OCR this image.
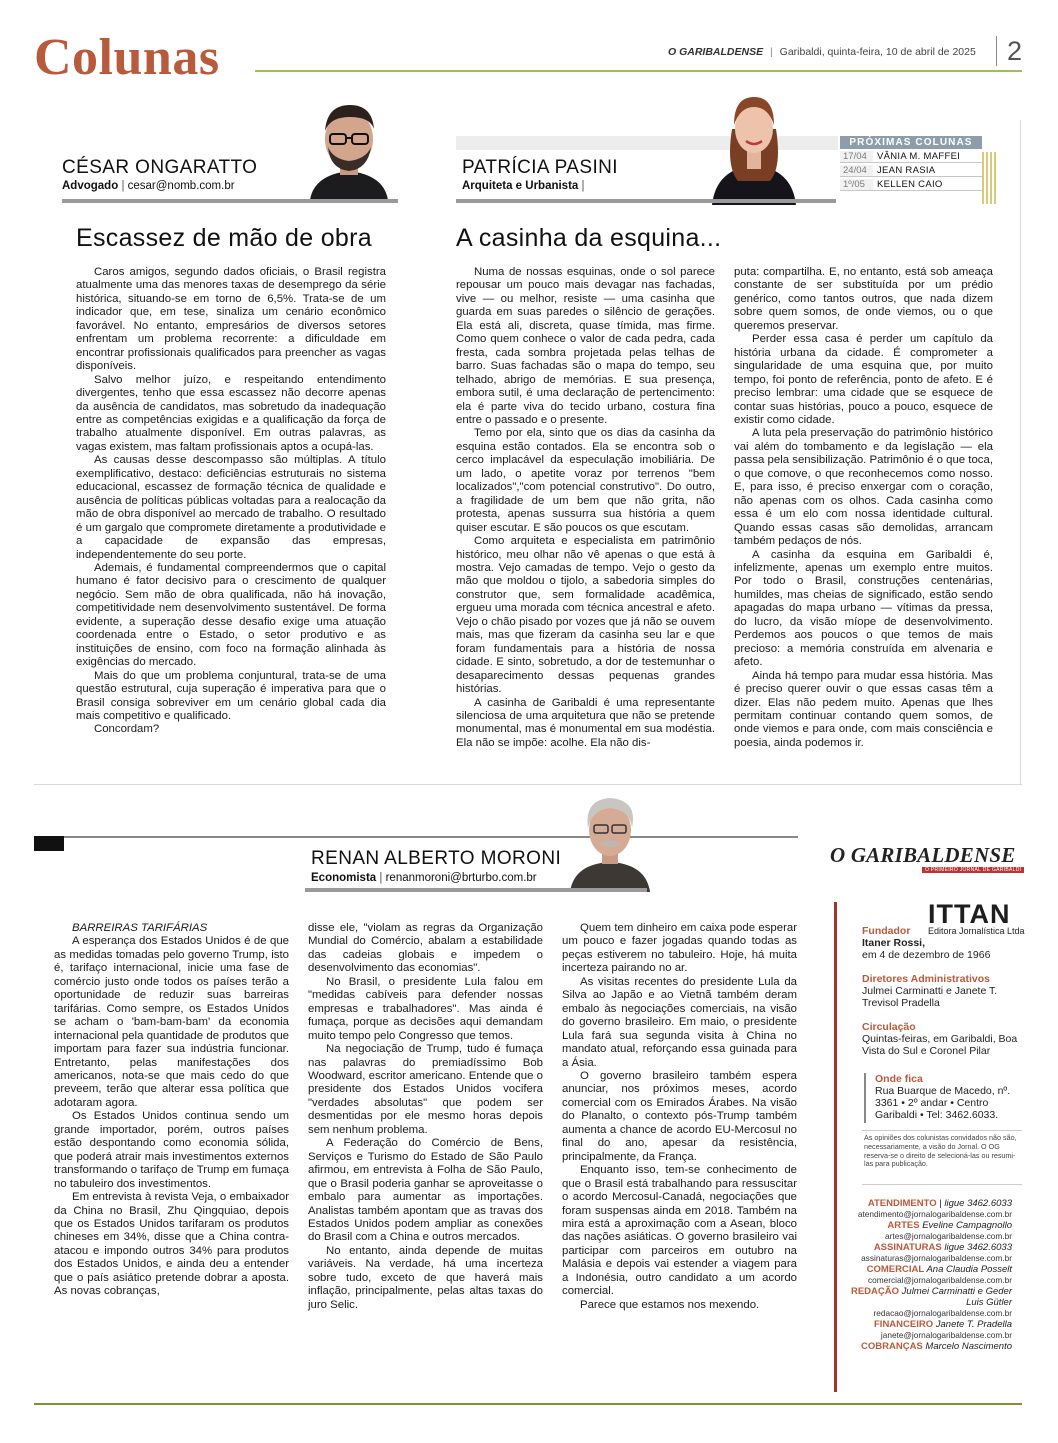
Colunas	O GARIBALDENSE | Garibaldi, quinta-feira, 10 de abril de 2025	2
CÉSAR ONGARATTO
Advogado | cesar@nomb.com.br
Escassez de mão de obra

Caros amigos, segundo dados oficiais, o Brasil registra atualmente uma das menores taxas de desemprego da série histórica, situando-se em torno de 6,5%. Trata-se de um indicador que, em tese, sinaliza um cenário econômico favorável. No entanto, empresários de diversos setores enfrentam um problema recorrente: a dificuldade em encontrar profissionais qualificados para preencher as vagas disponíveis.

Salvo melhor juízo, e respeitando entendimento divergentes, tenho que essa escassez não decorre apenas da ausência de candidatos, mas sobretudo da inadequação entre as competências exigidas e a qualificação da força de trabalho atualmente disponível. Em outras palavras, as vagas existem, mas faltam profissionais aptos a ocupá-las.

As causas desse descompasso são múltiplas. A título exemplificativo, destaco: deficiências estruturais no sistema educacional, escassez de formação técnica de qualidade e ausência de políticas públicas voltadas para a realocação da mão de obra disponível ao mercado de trabalho. O resultado é um gargalo que compromete diretamente a produtividade e a capacidade de expansão das empresas, independentemente do seu porte.

Ademais, é fundamental compreendermos que o capital humano é fator decisivo para o crescimento de qualquer negócio. Sem mão de obra qualificada, não há inovação, competitividade nem desenvolvimento sustentável. De forma evidente, a superação desse desafio exige uma atuação coordenada entre o Estado, o setor produtivo e as instituições de ensino, com foco na formação alinhada às exigências do mercado.

Mais do que um problema conjuntural, trata-se de uma questão estrutural, cuja superação é imperativa para que o Brasil consiga sobreviver em um cenário global cada dia mais competitivo e qualificado.

Concordam?

PATRÍCIA PASINI
Arquiteta e Urbanista |
PRÓXIMAS COLUNAS
17/04	VÂNIA M. MAFFEI
24/04	JEAN RASIA
1º/05	KELLEN CAIO
A casinha da esquina...

Numa de nossas esquinas, onde o sol parece repousar um pouco mais devagar nas fachadas, vive — ou melhor, resiste — uma casinha que guarda em suas paredes o silêncio de gerações. Ela está ali, discreta, quase tímida, mas firme. Como quem conhece o valor de cada pedra, cada fresta, cada sombra projetada pelas telhas de barro. Suas fachadas são o mapa do tempo, seu telhado, abrigo de memórias. E sua presença, embora sutil, é uma declaração de pertencimento: ela é parte viva do tecido urbano, costura fina entre o passado e o presente.

Temo por ela, sinto que os dias da casinha da esquina estão contados. Ela se encontra sob o cerco implacável da especulação imobiliária. De um lado, o apetite voraz por terrenos "bem localizados","com potencial construtivo". Do outro, a fragilidade de um bem que não grita, não protesta, apenas sussurra sua história a quem quiser escutar. E são poucos os que escutam.

Como arquiteta e especialista em patrimônio histórico, meu olhar não vê apenas o que está à mostra. Vejo camadas de tempo. Vejo o gesto da mão que moldou o tijolo, a sabedoria simples do construtor que, sem formalidade acadêmica, ergueu uma morada com técnica ancestral e afeto. Vejo o chão pisado por vozes que já não se ouvem mais, mas que fizeram da casinha seu lar e que foram fundamentais para a história de nossa cidade. E sinto, sobretudo, a dor de testemunhar o desaparecimento dessas pequenas grandes histórias.

A casinha de Garibaldi é uma representante silenciosa de uma arquitetura que não se pretende monumental, mas é monumental em sua modéstia. Ela não se impõe: acolhe. Ela não dis-

puta: compartilha. E, no entanto, está sob ameaça constante de ser substituída por um prédio genérico, como tantos outros, que nada dizem sobre quem somos, de onde viemos, ou o que queremos preservar.

Perder essa casa é perder um capítulo da história urbana da cidade. É comprometer a singularidade de uma esquina que, por muito tempo, foi ponto de referência, ponto de afeto. E é preciso lembrar: uma cidade que se esquece de contar suas histórias, pouco a pouco, esquece de existir como cidade.

A luta pela preservação do patrimônio histórico vai além do tombamento e da legislação — ela passa pela sensibilização. Patrimônio é o que toca, o que comove, o que reconhecemos como nosso. E, para isso, é preciso enxergar com o coração, não apenas com os olhos. Cada casinha como essa é um elo com nossa identidade cultural. Quando essas casas são demolidas, arrancam também pedaços de nós.

A casinha da esquina em Garibaldi é, infelizmente, apenas um exemplo entre muitos. Por todo o Brasil, construções centenárias, humildes, mas cheias de significado, estão sendo apagadas do mapa urbano — vítimas da pressa, do lucro, da visão míope de desenvolvimento. Perdemos aos poucos o que temos de mais precioso: a memória construída em alvenaria e afeto.

Ainda há tempo para mudar essa história. Mas é preciso querer ouvir o que essas casas têm a dizer. Elas não pedem muito. Apenas que lhes permitam continuar contando quem somos, de onde viemos e para onde, com mais consciência e poesia, ainda podemos ir.

RENAN ALBERTO MORONI
Economista | renanmoroni@brturbo.com.br

BARREIRAS TARIFÁRIAS

A esperança dos Estados Unidos é de que as medidas tomadas pelo governo Trump, isto é, tarifaço internacional, inicie uma fase de comércio justo onde todos os países terão a oportunidade de reduzir suas barreiras tarifárias. Como sempre, os Estados Unidos se acham o 'bam-bam-bam' da economia internacional pela quantidade de produtos que importam para fazer sua indústria funcionar. Entretanto, pelas manifestações dos americanos, nota-se que mais cedo do que preveem, terão que alterar essa política que adotaram agora.

Os Estados Unidos continua sendo um grande importador, porém, outros países estão despontando como economia sólida, que poderá atrair mais investimentos externos transformando o tarifaço de Trump em fumaça no tabuleiro dos investimentos.

Em entrevista à revista Veja, o embaixador da China no Brasil, Zhu Qingquiao, depois que os Estados Unidos tarifaram os produtos chineses em 34%, disse que a China contra-atacou e impondo outros 34% para produtos dos Estados Unidos, e ainda deu a entender que o país asiático pretende dobrar a aposta. As novas cobranças,

disse ele, "violam as regras da Organização Mundial do Comércio, abalam a estabilidade das cadeias globais e impedem o desenvolvimento das economias".

No Brasil, o presidente Lula falou em "medidas cabíveis para defender nossas empresas e trabalhadores". Mas ainda é fumaça, porque as decisões aqui demandam muito tempo pelo Congresso que temos.

Na negociação de Trump, tudo é fumaça nas palavras do premiadíssimo Bob Woodward, escritor americano. Entende que o presidente dos Estados Unidos vocifera "verdades absolutas" que podem ser desmentidas por ele mesmo horas depois sem nenhum problema.

A Federação do Comércio de Bens, Serviços e Turismo do Estado de São Paulo afirmou, em entrevista à Folha de São Paulo, que o Brasil poderia ganhar se aproveitasse o embalo para aumentar as importações. Analistas também apontam que as travas dos Estados Unidos podem ampliar as conexões do Brasil com a China e outros mercados.

No entanto, ainda depende de muitas variáveis. Na verdade, há uma incerteza sobre tudo, exceto de que haverá mais inflação, principalmente, pelas altas taxas do juro Selic.

Quem tem dinheiro em caixa pode esperar um pouco e fazer jogadas quando todas as peças estiverem no tabuleiro. Hoje, há muita incerteza pairando no ar.

As visitas recentes do presidente Lula da Silva ao Japão e ao Vietnã também deram embalo às negociações comerciais, na visão do governo brasileiro. Em maio, o presidente Lula fará sua segunda visita à China no mandato atual, reforçando essa guinada para a Ásia.

O governo brasileiro também espera anunciar, nos próximos meses, acordo comercial com os Emirados Árabes. Na visão do Planalto, o contexto pós-Trump também aumenta a chance de acordo EU-Mercosul no final do ano, apesar da resistência, principalmente, da França.

Enquanto isso, tem-se conhecimento de que o Brasil está trabalhando para ressuscitar o acordo Mercosul-Canadá, negociações que foram suspensas ainda em 2018. Também na mira está a aproximação com a Asean, bloco das nações asiáticas. O governo brasileiro vai participar com parceiros em outubro na Malásia e depois vai estender a viagem para a Indonésia, outro candidato a um acordo comercial.

Parece que estamos nos mexendo.

O GARIBALDENSE
O PRIMEIRO JORNAL DE GARIBALDI
ITTAN
Editora Jornalística Ltda
Fundador
Itaner Rossi,
em 4 de dezembro de 1966
Diretores Administrativos
Julmei Carminatti e Janete T. Trevisol Pradella
Circulação
Quintas-feiras, em Garibaldi, Boa Vista do Sul e Coronel Pilar
Onde fica
Rua Buarque de Macedo, nº. 3361 • 2º andar • Centro Garibaldi • Tel: 3462.6033.
As opiniões dos colunistas convidados não são, necessariamente, a visão do Jornal. O OG reserva-se o direito de selecioná-las ou resumi-las para publicação.
ATENDIMENTO | ligue 3462.6033
atendimento@jornalogaribaldense.com.br
ARTES Eveline Campagnollo
artes@jornalogaribaldense.com.br
ASSINATURAS ligue 3462.6033
assinaturas@jornalogaribaldense.com.br
COMERCIAL Ana Claudia Posselt
comercial@jornalogaribaldense.com.br
REDAÇÃO Julmei Carminatti e Geder Luis Gütler
redacao@jornalogaribaldense.com.br
FINANCEIRO Janete T. Pradella
janete@jornalogaribaldense.com.br
COBRANÇAS Marcelo Nascimento
